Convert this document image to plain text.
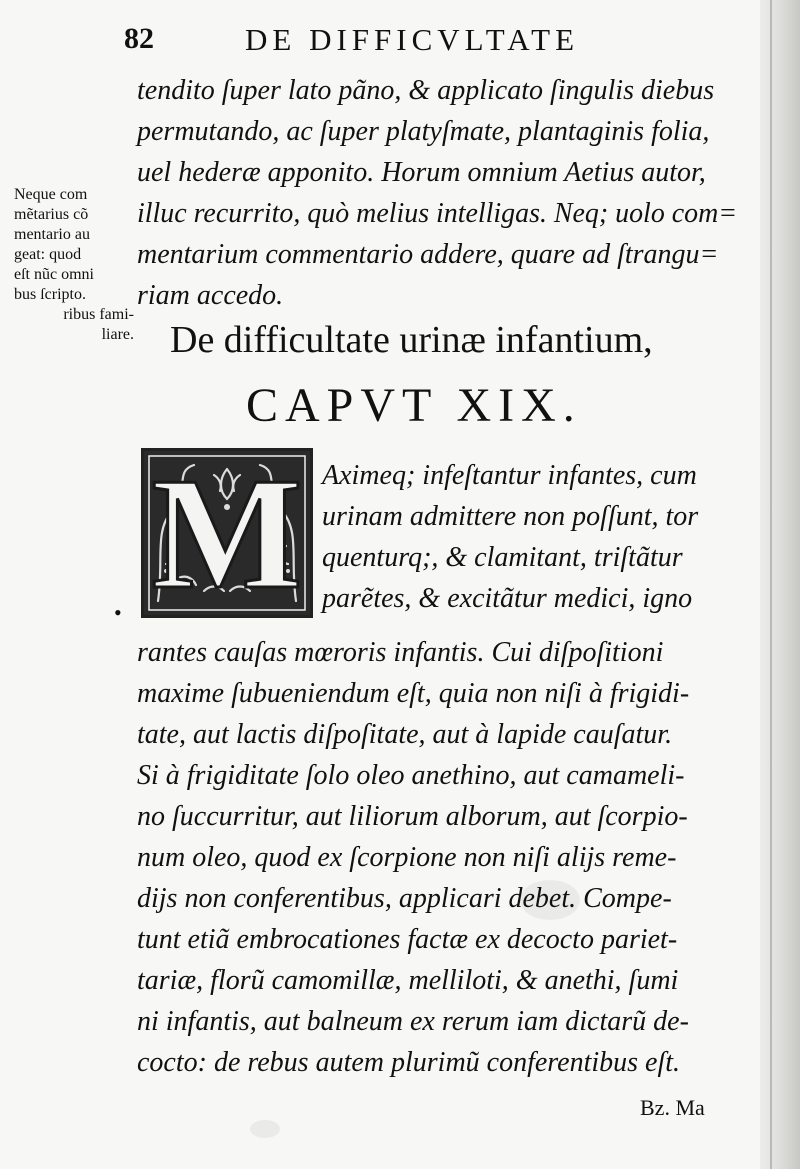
82	DE DIFFICVLTATE
tendito ſuper lato pãno, & applicato ſingulis diebus
permutando, ac ſuper platyſmate, plantaginis folia,
uel hederæ apponito. Horum omnium Aetius autor,
illuc recurrito, quò melius intelligas. Neq; uolo com=
mentarium commentario addere, quare ad ſtrangu=
riam accedo.
Neque com
mẽtarius cõ
mentario au
geat: quod
eſt nũc omni
bus ſcripto.
ribus fami-
liare. De difficultate urinæ infantium,
CAPVT XIX.
M Aximeq; infeſtantur infantes, cum
urinam admittere non poſſunt, tor
quenturq;, & clamitant, triſtãtur
parẽtes, & excitãtur medici, igno
•
rantes cauſas mœroris infantis. Cui diſpoſitioni
maxime ſubueniendum eſt, quia non niſi à frigidi-
tate, aut lactis diſpoſitate, aut à lapide cauſatur.
Si à frigiditate ſolo oleo anethino, aut camameli-
no ſuccurritur, aut liliorum alborum, aut ſcorpio-
num oleo, quod ex ſcorpione non niſi alijs reme-
dijs non conferentibus, applicari debet. Compe-
tunt etiã embrocationes factæ ex decocto pariet-
tariæ, florũ camomillæ, melliloti, & anethi, ſumi
ni infantis, aut balneum ex rerum iam dictarũ de-
cocto: de rebus autem plurimũ conferentibus eſt.
Bz. Ma
